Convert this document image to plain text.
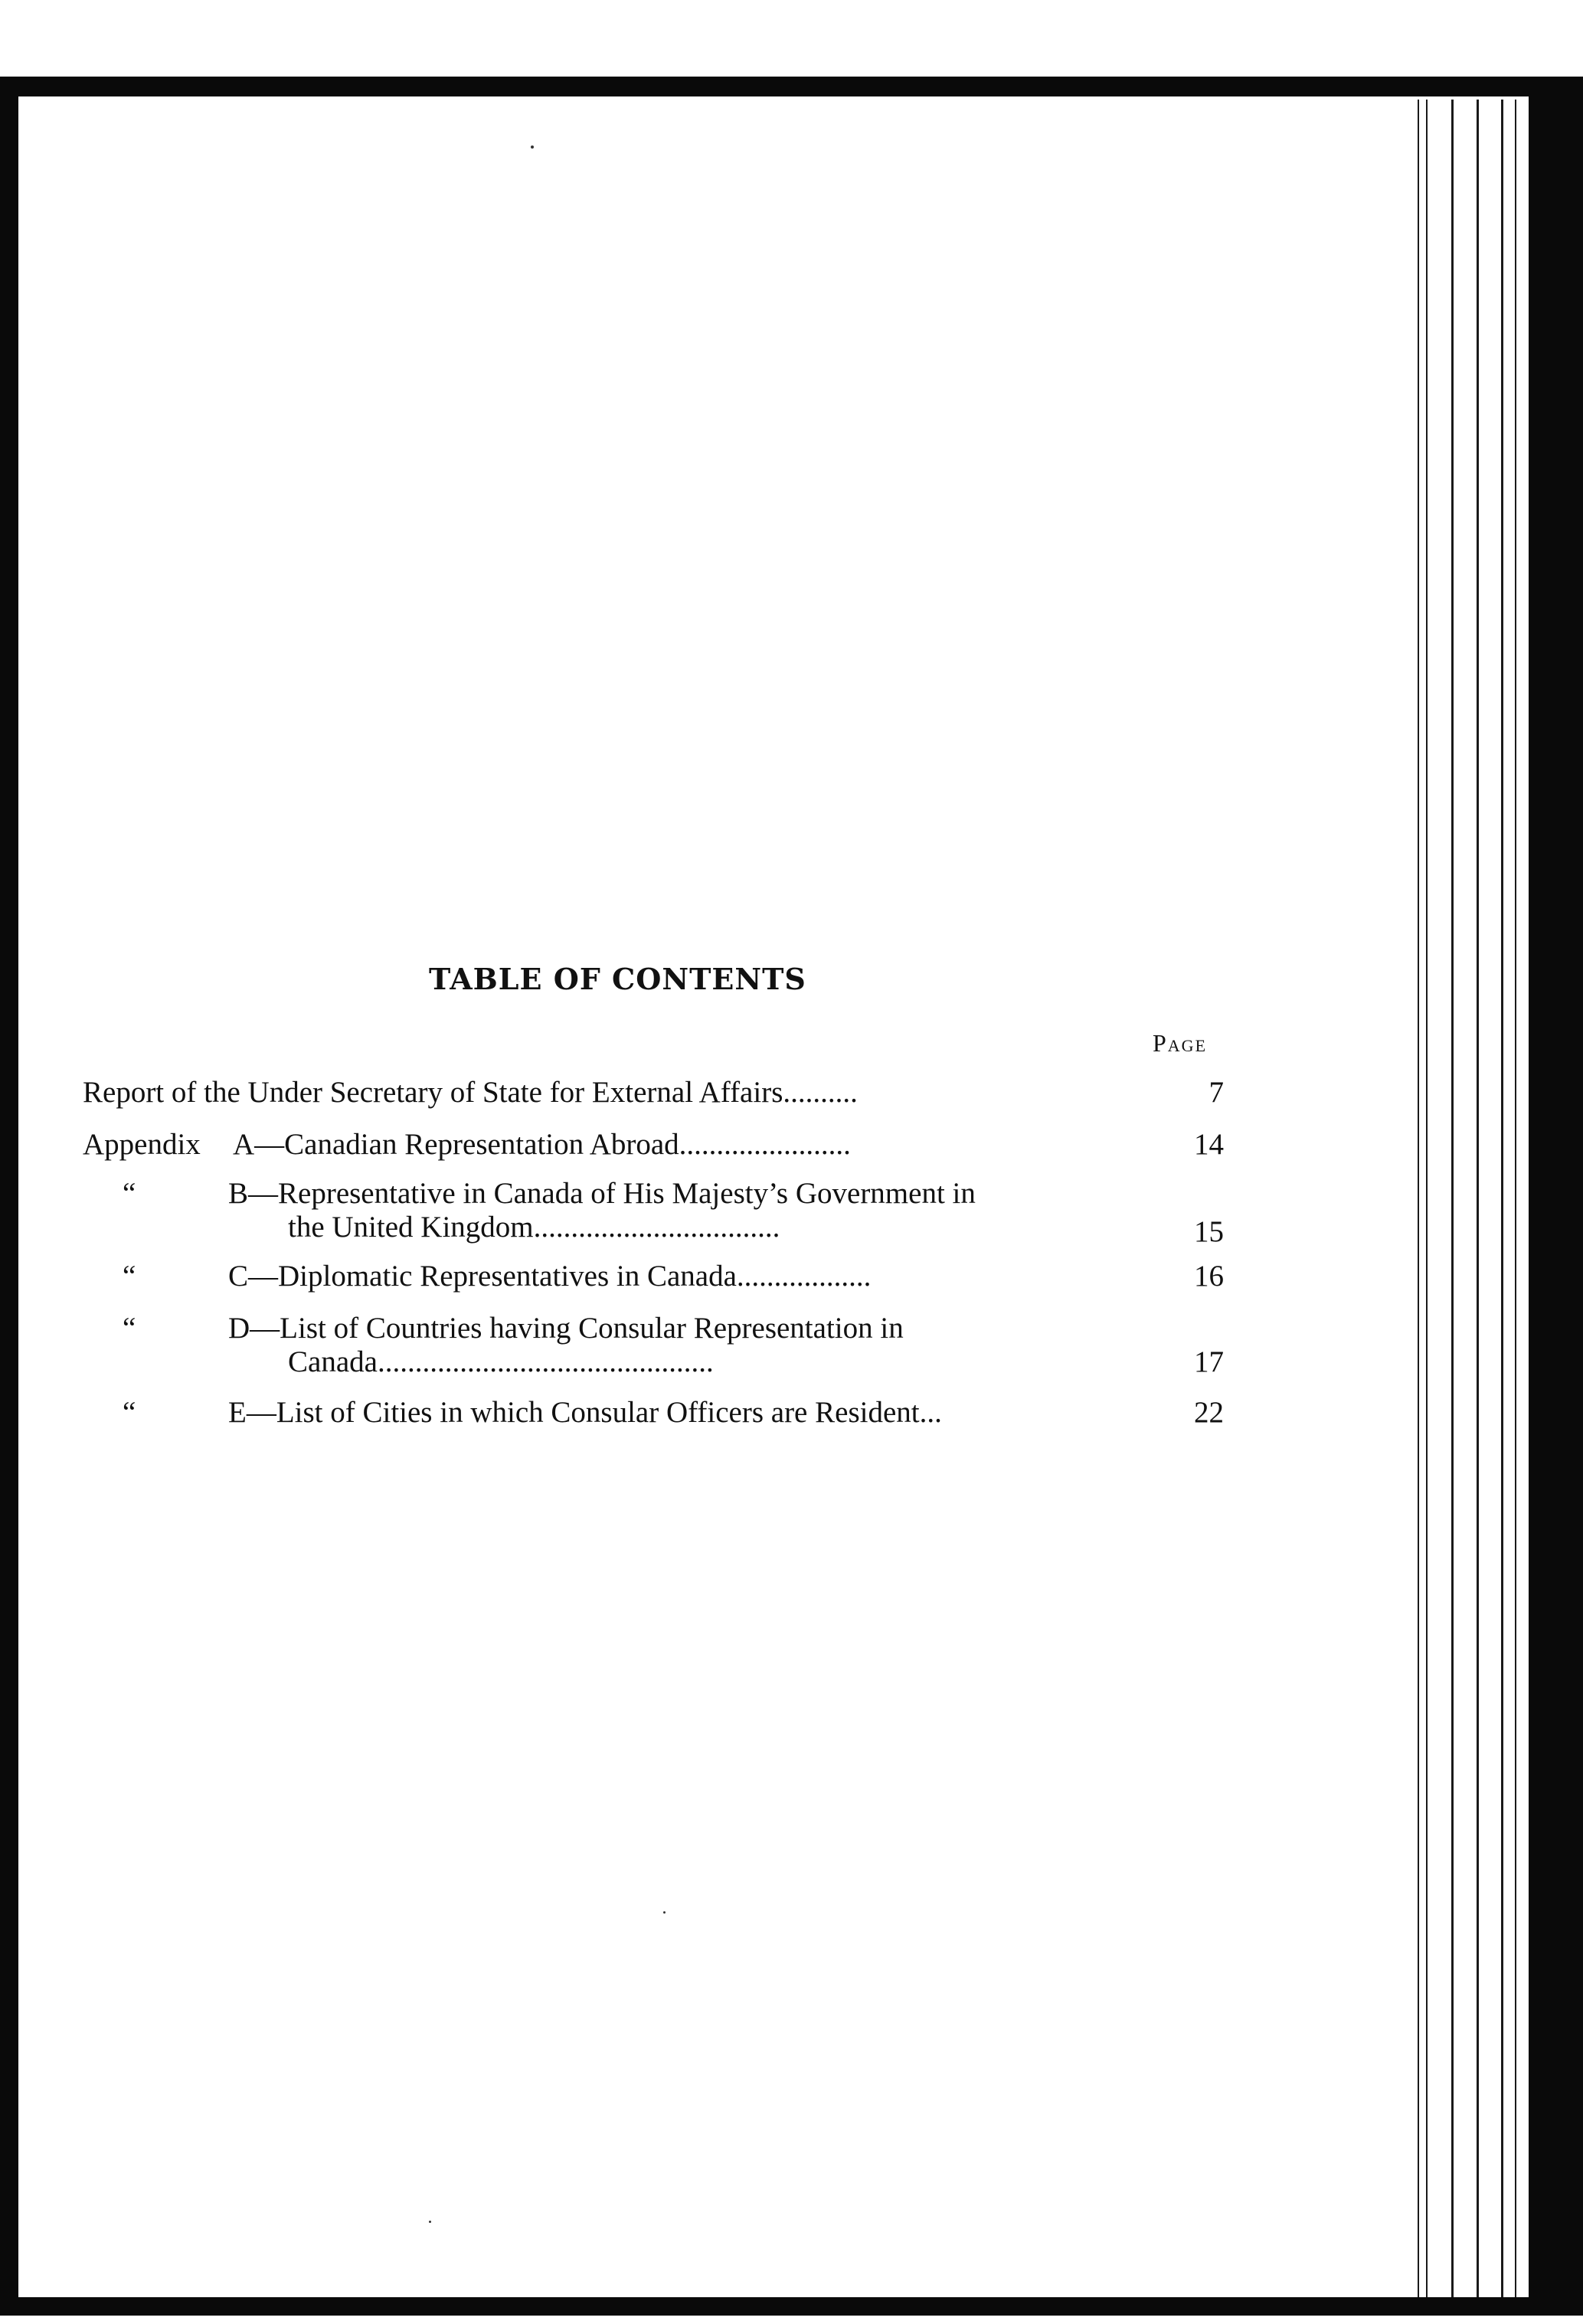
TABLE OF CONTENTS
Page
Report of the Under Secretary of State for External Affairs..........	7
Appendix A—Canadian Representation Abroad.......................	14
“	B—Representative in Canada of His Majesty’s Government in
the United Kingdom.................................	15
“	C—Diplomatic Representatives in Canada..................	16
“	D—List of Countries having Consular Representation in
Canada.............................................	17
“	E—List of Cities in which Consular Officers are Resident...	22
